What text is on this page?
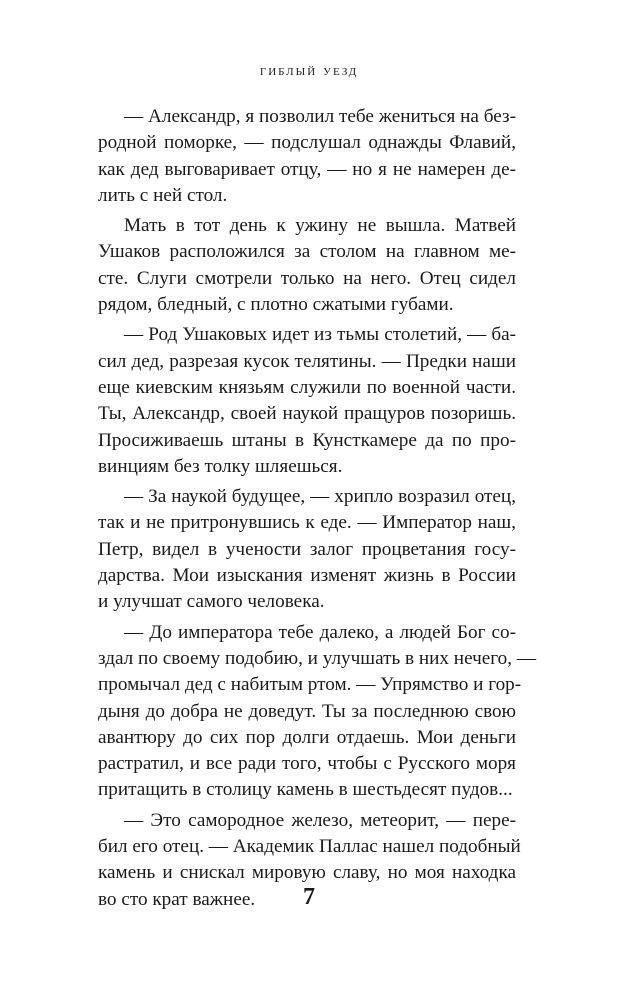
гиблый уезд
— Александр, я позволил тебе жениться на без-
родной поморке, — подслушал однажды Флавий,
как дед выговаривает отцу, — но я не намерен де-
лить с ней стол.
Мать в тот день к ужину не вышла. Матвей
Ушаков расположился за столом на главном ме-
сте. Слуги смотрели только на него. Отец сидел
рядом, бледный, с плотно сжатыми губами.
— Род Ушаковых идет из тьмы столетий, — ба-
сил дед, разрезая кусок телятины. — Предки наши
еще киевским князьям служили по военной части.
Ты, Александр, своей наукой пращуров позоришь.
Просиживаешь штаны в Кунсткамере да по про-
винциям без толку шляешься.
— За наукой будущее, — хрипло возразил отец,
так и не притронувшись к еде. — Император наш,
Петр, видел в учености залог процветания госу-
дарства. Мои изыскания изменят жизнь в России
и улучшат самого человека.
— До императора тебе далеко, а людей Бог со-
здал по своему подобию, и улучшать в них нечего, —
промычал дед с набитым ртом. — Упрямство и гор-
дыня до добра не доведут. Ты за последнюю свою
авантюру до сих пор долги отдаешь. Мои деньги
растратил, и все ради того, чтобы с Русского моря
притащить в столицу камень в шестьдесят пудов...
— Это самородное железо, метеорит, — пере-
бил его отец. — Академик Паллас нашел подобный
камень и снискал мировую славу, но моя находка
во сто крат важнее.	7
